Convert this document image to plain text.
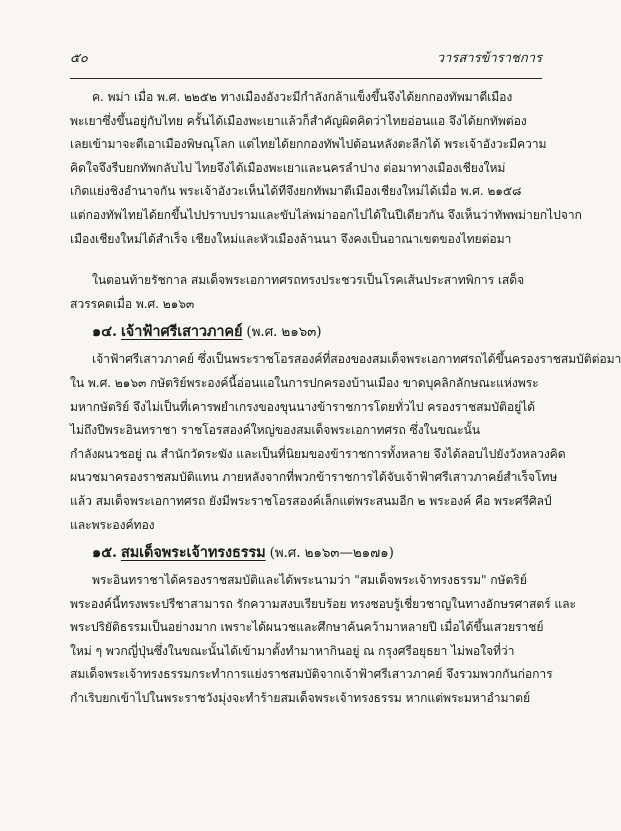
๕๐	วารสารข้าราชการ
ค. พม่า เมื่อ พ.ศ. ๒๒๕๒ ทางเมืองอังวะมีกำลังกล้าแข็งขึ้นจึงได้ยกกองทัพมาตีเมือง
พะเยาซึ่งขึ้นอยู่กับไทย ครั้นได้เมืองพะเยาแล้วก็สำคัญผิดคิดว่าไทยอ่อนแอ จึงได้ยกทัพต่อง
เลยเข้ามาจะตีเอาเมืองพิษณุโลก แต่ไทยได้ยกกองทัพไปต้อนหลังตะลีกได้ พระเจ้าอังวะมีความ
คิดใจจึงรีบยกทัพกลับไป ไทยจึงได้เมืองพะเยาและนครลำปาง ต่อมาทางเมืองเชียงใหม่
เกิดแย่งชิงอำนาจกัน พระเจ้าอังวะเห็นได้ทีจึงยกทัพมาตีเมืองเชียงใหม่ได้เมื่อ พ.ศ. ๒๑๕๘
แต่กองทัพไทยได้ยกขึ้นไปปราบปรามและขับไล่พม่าออกไปได้ในปีเดียวกัน จึงเห็นว่าทัพพม่ายกไปจาก
เมืองเชียงใหม่ได้สำเร็จ เชียงใหม่และหัวเมืองล้านนา จึงคงเป็นอาณาเขตของไทยต่อมา
ในตอนท้ายรัชกาล สมเด็จพระเอกาทศรถทรงประชวรเป็นโรคเส้นประสาทพิการ เสด็จ
สวรรคตเมื่อ พ.ศ. ๒๑๖๓
๑๔. เจ้าฟ้าศรีเสาวภาคย์ (พ.ศ. ๒๑๖๓)
เจ้าฟ้าศรีเสาวภาคย์ ซึ่งเป็นพระราชโอรสองค์ที่สองของสมเด็จพระเอกาทศรถได้ขึ้นครองราชสมบัติต่อมา
ใน พ.ศ. ๒๑๖๓ กษัตริย์พระองค์นี้อ่อนแอในการปกครองบ้านเมือง ขาดบุคลิกลักษณะแห่งพระ
มหากษัตริย์ จึงไม่เป็นที่เคารพยำเกรงของขุนนางข้าราชการโดยทั่วไป ครองราชสมบัติอยู่ได้
ไม่ถึงปีพระอินทราชา ราชโอรสองค์ใหญ่ของสมเด็จพระเอกาทศรถ ซึ่งในขณะนั้น
กำลังผนวชอยู่ ณ สำนักวัดระฆัง และเป็นที่นิยมของข้าราชการทั้งหลาย จึงได้ลอบไปยังวังหลวงคิด
ผนวชมาครองราชสมบัติแทน ภายหลังจากที่พวกข้าราชการได้จับเจ้าฟ้าศรีเสาวภาคย์สำเร็จโทษ
แล้ว สมเด็จพระเอกาทศรถ ยังมีพระราชโอรสองค์เล็กแต่พระสนมอีก ๒ พระองค์ คือ พระศรีศิลป์
และพระองค์ทอง
๑๕. สมเด็จพระเจ้าทรงธรรม (พ.ศ. ๒๑๖๓—๒๑๗๑)
พระอินทราชาได้ครองราชสมบัติและได้พระนามว่า "สมเด็จพระเจ้าทรงธรรม" กษัตริย์
พระองค์นี้ทรงพระปรีชาสามารถ รักความสงบเรียบร้อย ทรงชอบรู้เชี่ยวชาญในทางอักษรศาสตร์ และ
พระปริยัติธรรมเป็นอย่างมาก เพราะได้ผนวชและศึกษาค้นคว้ามาหลายปี เมื่อได้ขึ้นเสวยราชย์
ใหม่ ๆ พวกญี่ปุ่นซึ่งในขณะนั้นได้เข้ามาตั้งทำมาหากินอยู่ ณ กรุงศรีอยุธยา ไม่พอใจที่ว่า
สมเด็จพระเจ้าทรงธรรมกระทำการแย่งราชสมบัติจากเจ้าฟ้าศรีเสาวภาคย์ จึงรวมพวกกันก่อการ
กำเริบยกเข้าไปในพระราชวังมุ่งจะทำร้ายสมเด็จพระเจ้าทรงธรรม หากแต่พระมหาอำมาตย์
